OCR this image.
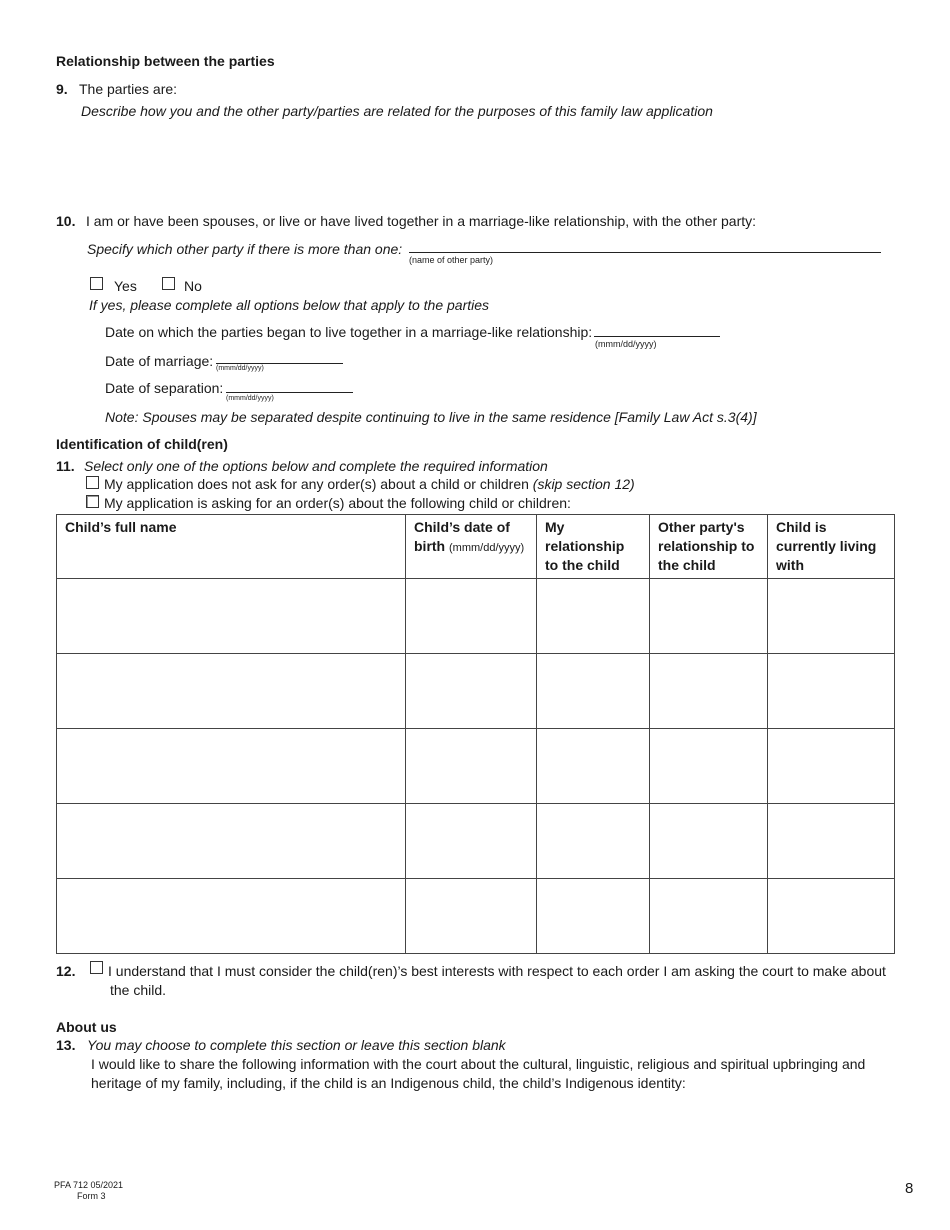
Relationship between the parties
9. The parties are:
Describe how you and the other party/parties are related for the purposes of this family law application
10. I am or have been spouses, or live or have lived together in a marriage-like relationship, with the other party:
Specify which other party if there is more than one:
(name of other party)
Yes	No
If yes, please complete all options below that apply to the parties
Date on which the parties began to live together in a marriage-like relationship:
(mmm/dd/yyyy)
Date of marriage: (mmm/dd/yyyy)
Date of separation:
(mmm/dd/yyyy)
Note: Spouses may be separated despite continuing to live in the same residence [Family Law Act s.3(4)]
Identification of child(ren)
11. Select only one of the options below and complete the required information
My application does not ask for any order(s) about a child or children (skip section 12)
My application is asking for an order(s) about the following child or children:
Child’s full name	Child’s date of birth (mmm/dd/yyyy)	My relationship to the child	Other party's relationship to the child	Child is currently living with

12. I understand that I must consider the child(ren)’s best interests with respect to each order I am asking the court to make about
the child.
About us
13. You may choose to complete this section or leave this section blank
I would like to share the following information with the court about the cultural, linguistic, religious and spiritual upbringing and
heritage of my family, including, if the child is an Indigenous child, the child’s Indigenous identity:
PFA 712 05/2021
Form 3	8
